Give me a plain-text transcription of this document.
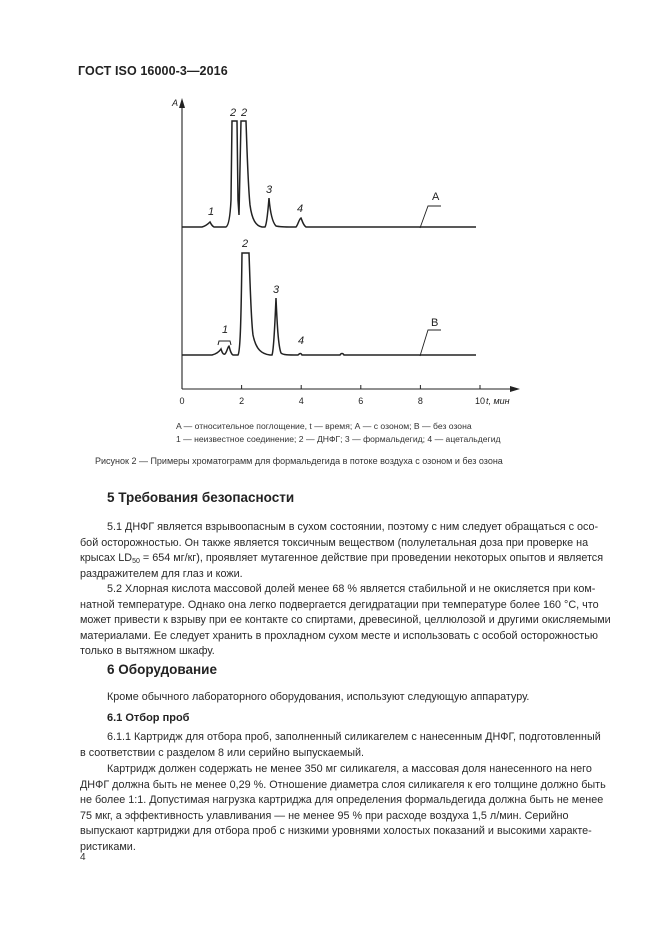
ГОСТ ISO 16000-3—2016
A
0	2	4	6	8	10 t, мин
1
2 2
3
4
1
2
3
4
A
B
A — относительное поглощение, t — время; А — с озоном; В — без озона
1 — неизвестное соединение; 2 — ДНФГ; 3 — формальдегид; 4 — ацетальдегид
Рисунок 2 — Примеры хроматограмм для формальдегида в потоке воздуха с озоном и без озона
5 Требования безопасности
5.1 ДНФГ является взрывоопасным в сухом состоянии, поэтому с ним следует обращаться с осо-
бой осторожностью. Он также является токсичным веществом (полулетальная доза при проверке на
крысах $LD_{50} = 654$ мг/кг), проявляет мутагенное действие при проведении некоторых опытов и является
раздражителем для глаз и кожи.
5.2 Хлорная кислота массовой долей менее 68 % является стабильной и не окисляется при ком-
натной температуре. Однако она легко подвергается дегидратации при температуре более 160 °С, что
может привести к взрыву при ее контакте со спиртами, древесиной, целлюлозой и другими окисляемыми
материалами. Ее следует хранить в прохладном сухом месте и использовать с особой осторожностью
только в вытяжном шкафу.
6 Оборудование
Кроме обычного лабораторного оборудования, используют следующую аппаратуру.
6.1 Отбор проб
6.1.1 Картридж для отбора проб, заполненный силикагелем с нанесенным ДНФГ, подготовленный
в соответствии с разделом 8 или серийно выпускаемый.
Картридж должен содержать не менее 350 мг силикагеля, а массовая доля нанесенного на него
ДНФГ должна быть не менее 0,29 %. Отношение диаметра слоя силикагеля к его толщине должно быть
не более 1:1. Допустимая нагрузка картриджа для определения формальдегида должна быть не менее
75 мкг, а эффективность улавливания — не менее 95 % при расходе воздуха 1,5 л/мин. Серийно
выпускают картриджи для отбора проб с низкими уровнями холостых показаний и высокими характе-
ристиками.
4
